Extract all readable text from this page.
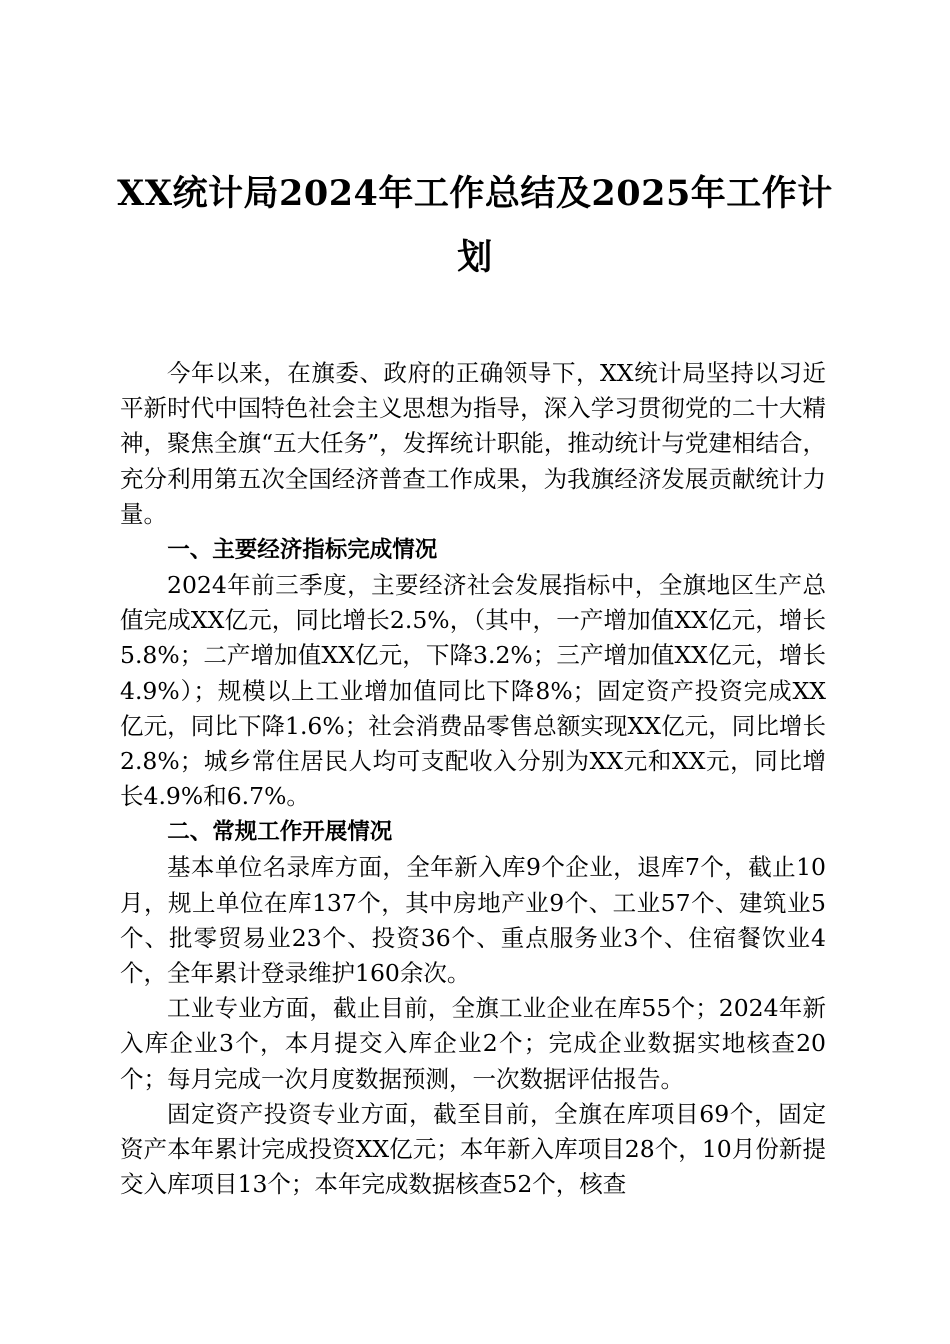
XX统计局2024年工作总结及2025年工作计划

今年以来，在旗委、政府的正确领导下，XX统计局坚持以习近平新时代中国特色社会主义思想为指导，深入学习贯彻党的二十大精神，聚焦全旗“五大任务”，发挥统计职能，推动统计与党建相结合，充分利用第五次全国经济普查工作成果，为我旗经济发展贡献统计力量。

一、主要经济指标完成情况

2024年前三季度，主要经济社会发展指标中，全旗地区生产总值完成XX亿元，同比增长2.5%，（其中，一产增加值XX亿元，增长5.8%；二产增加值XX亿元，下降3.2%；三产增加值XX亿元，增长4.9%）；规模以上工业增加值同比下降8%；固定资产投资完成XX亿元，同比下降1.6%；社会消费品零售总额实现XX亿元，同比增长2.8%；城乡常住居民人均可支配收入分别为XX元和XX元，同比增长4.9%和6.7%。

二、常规工作开展情况

基本单位名录库方面，全年新入库9个企业，退库7个，截止10月，规上单位在库137个，其中房地产业9个、工业57个、建筑业5个、批零贸易业23个、投资36个、重点服务业3个、住宿餐饮业4个，全年累计登录维护160余次。

工业专业方面，截止目前，全旗工业企业在库55个；2024年新入库企业3个，本月提交入库企业2个；完成企业数据实地核查20个；每月完成一次月度数据预测，一次数据评估报告。

固定资产投资专业方面，截至目前，全旗在库项目69个，固定资产本年累计完成投资XX亿元；本年新入库项目28个，10月份新提交入库项目13个；本年完成数据核查52个，核查
